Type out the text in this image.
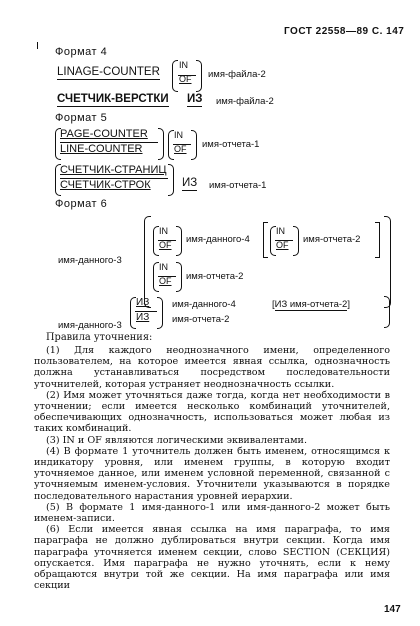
ГОСТ 22558—89 С. 147
Формат 4
LINAGE-COUNTER
IN
OF имя-файла-2
СЧЕТЧИК-ВЕРСТКИ ИЗ имя-файла-2
Формат 5
PAGE-COUNTER
LINE-COUNTER
IN
OF имя-отчета-1
СЧЕТЧИК-СТРАНИЦ
СЧЕТЧИК-СТРОК	ИЗ имя-отчета-1
Формат 6
имя-данного-3
IN
OF имя-данного-4
IN
OF имя-отчета-2
IN
OF имя-отчета-2
имя-данного-3
ИЗ
ИЗ
имя-данного-4
имя-отчета-2
[ИЗ имя-отчета-2]
Правила уточнения:

(1) Для каждого неоднозначного имени, определенного пользователем, на которое имеется явная ссылка, однозначность должна устанавливаться посредством последовательности уточнителей, которая устраняет неоднозначность ссылки.

(2) Имя может уточняться даже тогда, когда нет необходимости в уточнении; если имеется несколько комбинаций уточнителей, обеспечивающих однозначность, использоваться может любая из таких комбинаций.

(3) IN и OF являются логическими эквивалентами.

(4) В формате 1 уточнитель должен быть именем, относящимся к индикатору уровня, или именем группы, в которую входит уточняемое данное, или именем условной переменной, связанной с уточняемым именем-условия. Уточнители указываются в порядке последовательного нарастания уровней иерархии.

(5) В формате 1 имя-данного-1 или имя-данного-2 может быть именем-записи.

(6) Если имеется явная ссылка на имя параграфа, то имя параграфа не должно дублироваться внутри секции. Когда имя параграфа уточняется именем секции, слово SECTION (СЕКЦИЯ) опускается. Имя параграфа не нужно уточнять, если к нему обращаются внутри той же секции. На имя параграфа или имя секции

147
